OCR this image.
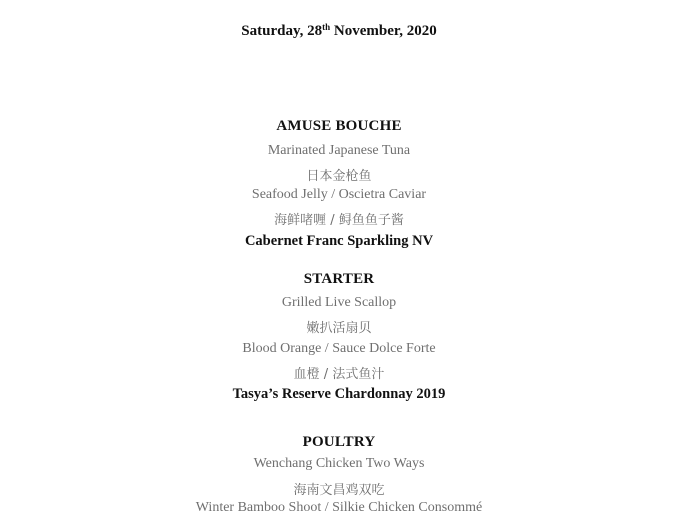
Saturday, 28th November, 2020
AMUSE BOUCHE
Marinated Japanese Tuna
日本金枪鱼
Seafood Jelly / Oscietra Caviar
海鲜啫喱 / 鲟鱼鱼子酱
Cabernet Franc Sparkling NV
STARTER
Grilled Live Scallop
嫩扒活扇贝
Blood Orange / Sauce Dolce Forte
血橙 / 法式鱼汁
Tasya’s Reserve Chardonnay 2019
POULTRY
Wenchang Chicken Two Ways
海南文昌鸡双吃
Winter Bamboo Shoot / Silkie Chicken Consommé
